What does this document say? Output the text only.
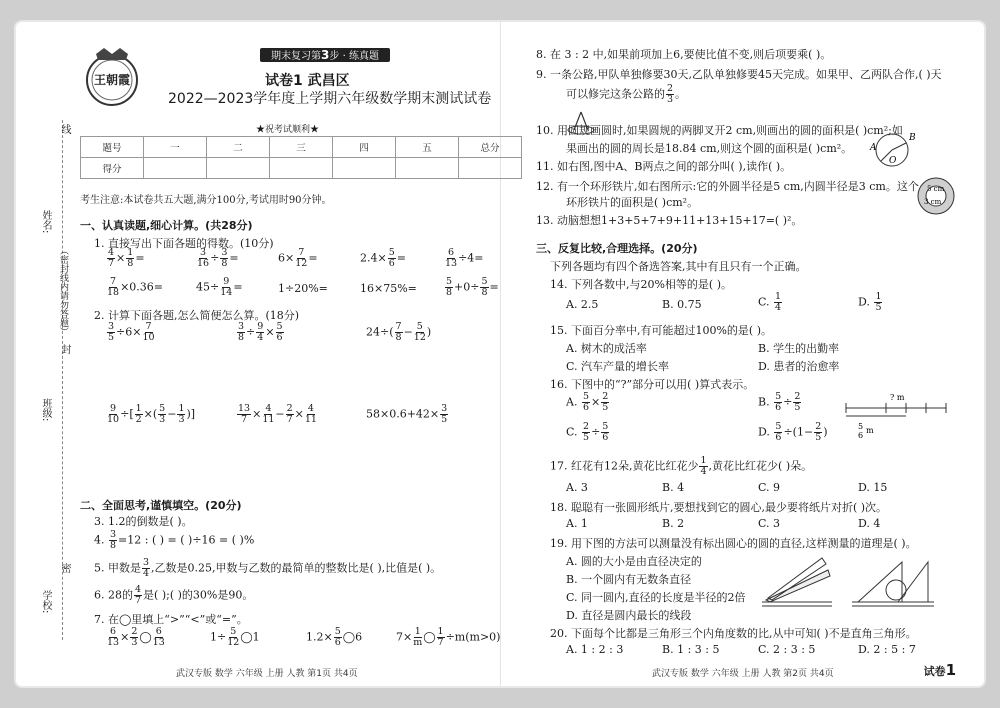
王朝霞
期末复习第3步 · 练真题
试卷1 武昌区
2022—2023学年度上学期六年级数学期末测试试卷
★祝考试顺利★
姓名:
班级:
学校:
（密封线内请勿答题）
密
封
线
题号	一	二	三	四	五	总分
得分						
考生注意:本试卷共五大题,满分100分,考试用时90分钟。
一、认真读题,细心计算。(共28分)
1. 直接写出下面各题的得数。(10分)
$\frac{4}{7} \times \frac{1}{8}$ =	$\frac{3}{16} \div \frac{3}{8}$ =	$6\times \frac{7}{12}$ =	$2.4\times \frac{5}{6}$ =	$\frac{6}{13} \div 4=$
$\frac{7}{18} \times 0.36=$	$45\div \frac{9}{14}$ =	1÷20%=	16×75%=	$\frac{5}{8} +0\div \frac{5}{8}$ =
2. 计算下面各题,怎么简便怎么算。(18分)
$\frac{3}{5} \div 6\times \frac{7}{10}$	$\frac{3}{8} \div \frac{9}{4} \times \frac{5}{6}$	$24\div( \frac{7}{8} - \frac{5}{12}$ )
$\frac{9}{10}$ ÷[ $\frac{1}{2}$ ×( $\frac{5}{3} - \frac{1}{3}$ )]	$\frac{13}{7} \times \frac{4}{11} - \frac{2}{7} \times \frac{4}{11}$	$58\times 0.6+42\times \frac{3}{5}$
二、全面思考,谨慎填空。(20分)
3. 1.2的倒数是( )。
4. $\frac{3}{8} =12$ : ( ) = ( )÷16 = ( )%
5. 甲数是 $\frac{3}{4}$ ,乙数是0.25,甲数与乙数的最简单的整数比是( ),比值是( )。
6. 28的 $\frac{4}{7}$ 是( );( )的30%是90。
7. 在◯里填上“>”“<”或“=”。
$\frac{6}{13} \times \frac{2}{3}$ ◯ $\frac{6}{13}$	$1\div \frac{5}{12}$ ◯1	$1.2\times \frac{5}{6}$ ◯6	$7\times \frac{1}{m}$ ◯ $\frac{1}{7} \div m(m>0)$
8. 在 3 : 2 中,如果前项加上6,要使比值不变,则后项要乘( )。
9. 一条公路,甲队单独修要30天,乙队单独修要45天完成。如果甲、乙两队合作,( )天
可以修完这条公路的 $\frac{2}{3}$ 。
10. 用圆规画圆时,如果圆规的两脚叉开2 cm,则画出的圆的面积是( )cm²;如
果画出的圆的周长是18.84 cm,则这个圆的面积是( )cm²。 A
B
O
11. 如右图,图中A、B两点之间的部分叫( ),读作( )。
12. 有一个环形铁片,如右图所示:它的外圆半径是5 cm,内圆半径是3 cm。这个
环形铁片的面积是( )cm²。
5 cm
3 cm
13. 动脑想想1+3+5+7+9+11+13+15+17=( )²。
三、反复比较,合理选择。(20分)
下列各题均有四个备选答案,其中有且只有一个正确。
14. 下列各数中,与20%相等的是( )。
A. 2.5	B. 0.75	C. $\frac{1}{4}$	D. $\frac{1}{5}$
15. 下面百分率中,有可能超过100%的是( )。
A. 树木的成活率	B. 学生的出勤率
C. 汽车产量的增长率	D. 患者的治愈率
16. 下图中的“?”部分可以用( )算式表示。
A. $\frac{5}{6} \times \frac{2}{5}$	B. $\frac{5}{6} \div \frac{2}{5}$
C. $\frac{2}{5} \div \frac{5}{6}$	D. $\frac{5}{6} \div(1- \frac{2}{5}$ )
? m
5
6
m
17. 红花有12朵,黄花比红花少 $\frac{1}{4}$ ,黄花比红花少( )朵。
A. 3	B. 4	C. 9	D. 15
18. 聪聪有一张圆形纸片,要想找到它的圆心,最少要将纸片对折( )次。
A. 1	B. 2	C. 3	D. 4
19. 用下图的方法可以测量没有标出圆心的圆的直径,这样测量的道理是( )。
A. 圆的大小是由直径决定的
B. 一个圆内有无数条直径
C. 同一圆内,直径的长度是半径的2倍
D. 直径是圆内最长的线段
20. 下面每个比都是三角形三个内角度数的比,从中可知( )不是直角三角形。
A. 1 : 2 : 3	B. 1 : 3 : 5	C. 2 : 3 : 5	D. 2 : 5 : 7
武汉专版 数学 六年级 上册 人教 第1页 共4页	武汉专版 数学 六年级 上册 人教 第2页 共4页	试卷1
